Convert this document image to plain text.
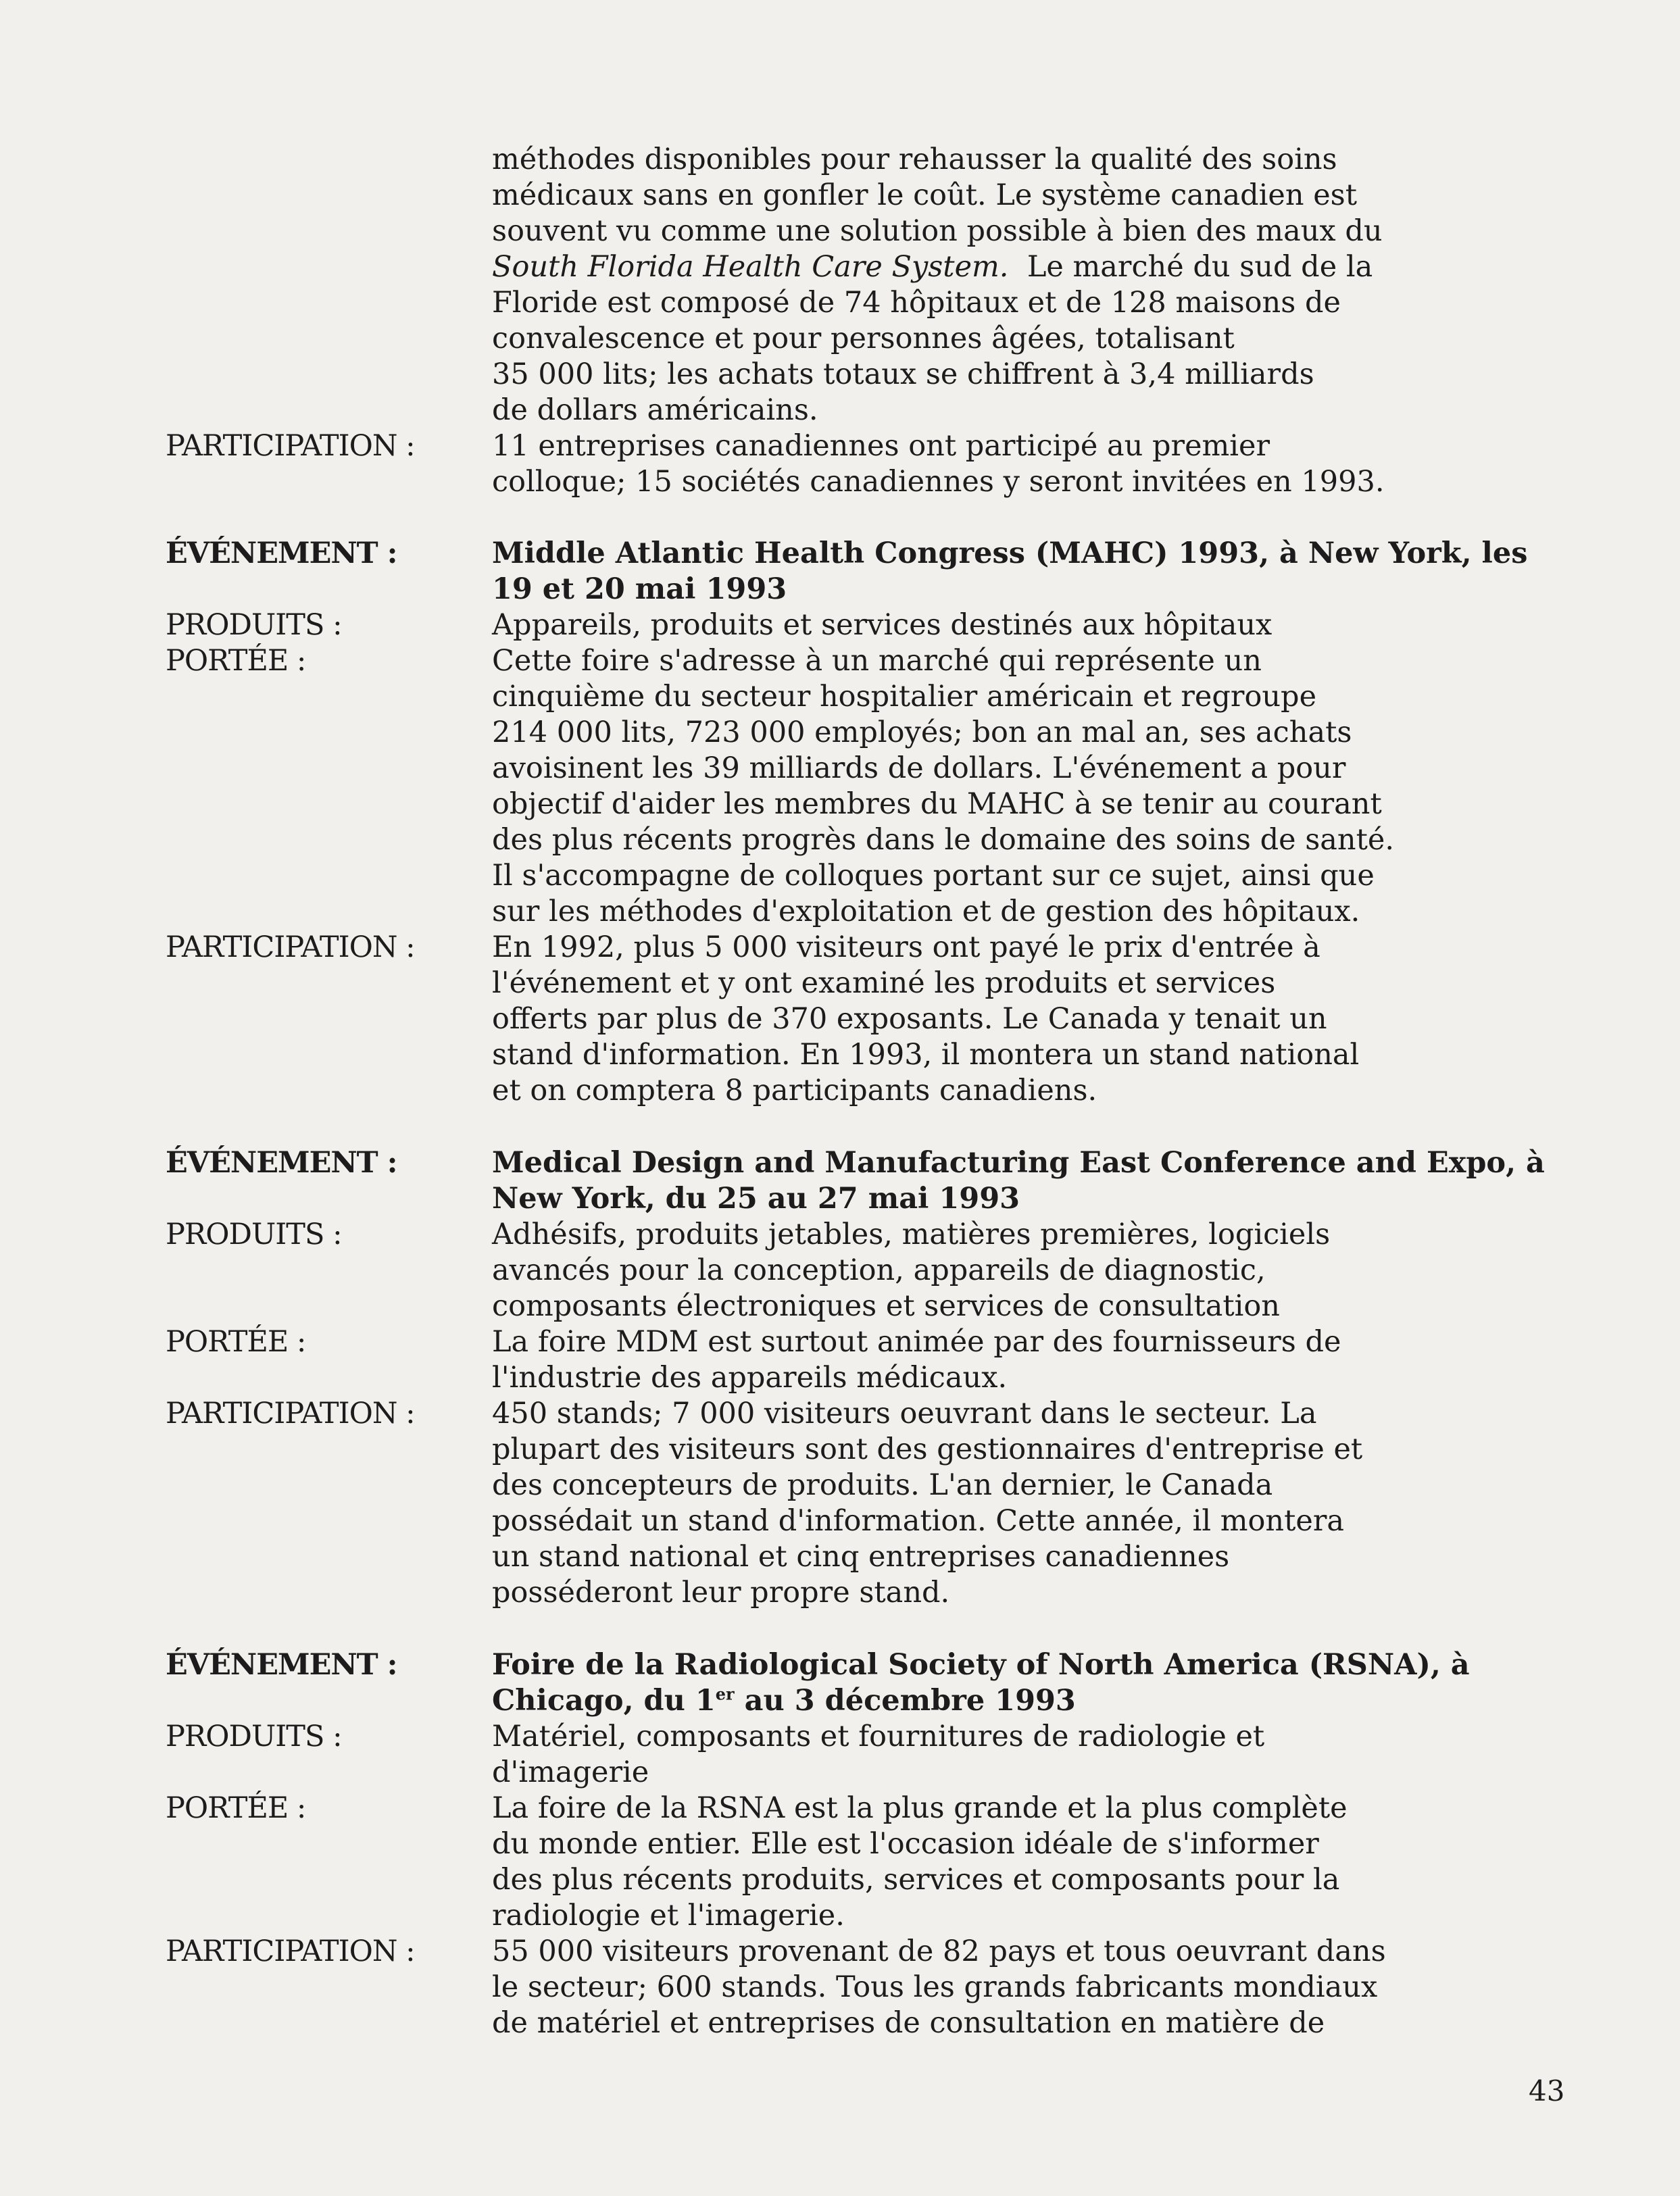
méthodes disponibles pour rehausser la qualité des soins
médicaux sans en gonfler le coût. Le système canadien est
souvent vu comme une solution possible à bien des maux du
South Florida Health Care System. Le marché du sud de la
Floride est composé de 74 hôpitaux et de 128 maisons de
convalescence et pour personnes âgées, totalisant
35 000 lits; les achats totaux se chiffrent à 3,4 milliards
de dollars américains.
PARTICIPATION :	11 entreprises canadiennes ont participé au premier
colloque; 15 sociétés canadiennes y seront invitées en 1993.
ÉVÉNEMENT :	Middle Atlantic Health Congress (MAHC) 1993, à New York, les
19 et 20 mai 1993
PRODUITS :	Appareils, produits et services destinés aux hôpitaux
PORTÉE :	Cette foire s'adresse à un marché qui représente un
cinquième du secteur hospitalier américain et regroupe
214 000 lits, 723 000 employés; bon an mal an, ses achats
avoisinent les 39 milliards de dollars. L'événement a pour
objectif d'aider les membres du MAHC à se tenir au courant
des plus récents progrès dans le domaine des soins de santé.
Il s'accompagne de colloques portant sur ce sujet, ainsi que
sur les méthodes d'exploitation et de gestion des hôpitaux.
PARTICIPATION :	En 1992, plus 5 000 visiteurs ont payé le prix d'entrée à
l'événement et y ont examiné les produits et services
offerts par plus de 370 exposants. Le Canada y tenait un
stand d'information. En 1993, il montera un stand national
et on comptera 8 participants canadiens.
ÉVÉNEMENT :	Medical Design and Manufacturing East Conference and Expo, à
New York, du 25 au 27 mai 1993
PRODUITS :	Adhésifs, produits jetables, matières premières, logiciels
avancés pour la conception, appareils de diagnostic,
composants électroniques et services de consultation
PORTÉE :	La foire MDM est surtout animée par des fournisseurs de
l'industrie des appareils médicaux.
PARTICIPATION :	450 stands; 7 000 visiteurs oeuvrant dans le secteur. La
plupart des visiteurs sont des gestionnaires d'entreprise et
des concepteurs de produits. L'an dernier, le Canada
possédait un stand d'information. Cette année, il montera
un stand national et cinq entreprises canadiennes
posséderont leur propre stand.
ÉVÉNEMENT :	Foire de la Radiological Society of North America (RSNA), à
Chicago, du 1er au 3 décembre 1993
PRODUITS :	Matériel, composants et fournitures de radiologie et
d'imagerie
PORTÉE :	La foire de la RSNA est la plus grande et la plus complète
du monde entier. Elle est l'occasion idéale de s'informer
des plus récents produits, services et composants pour la
radiologie et l'imagerie.
PARTICIPATION :	55 000 visiteurs provenant de 82 pays et tous oeuvrant dans
le secteur; 600 stands. Tous les grands fabricants mondiaux
de matériel et entreprises de consultation en matière de
43
